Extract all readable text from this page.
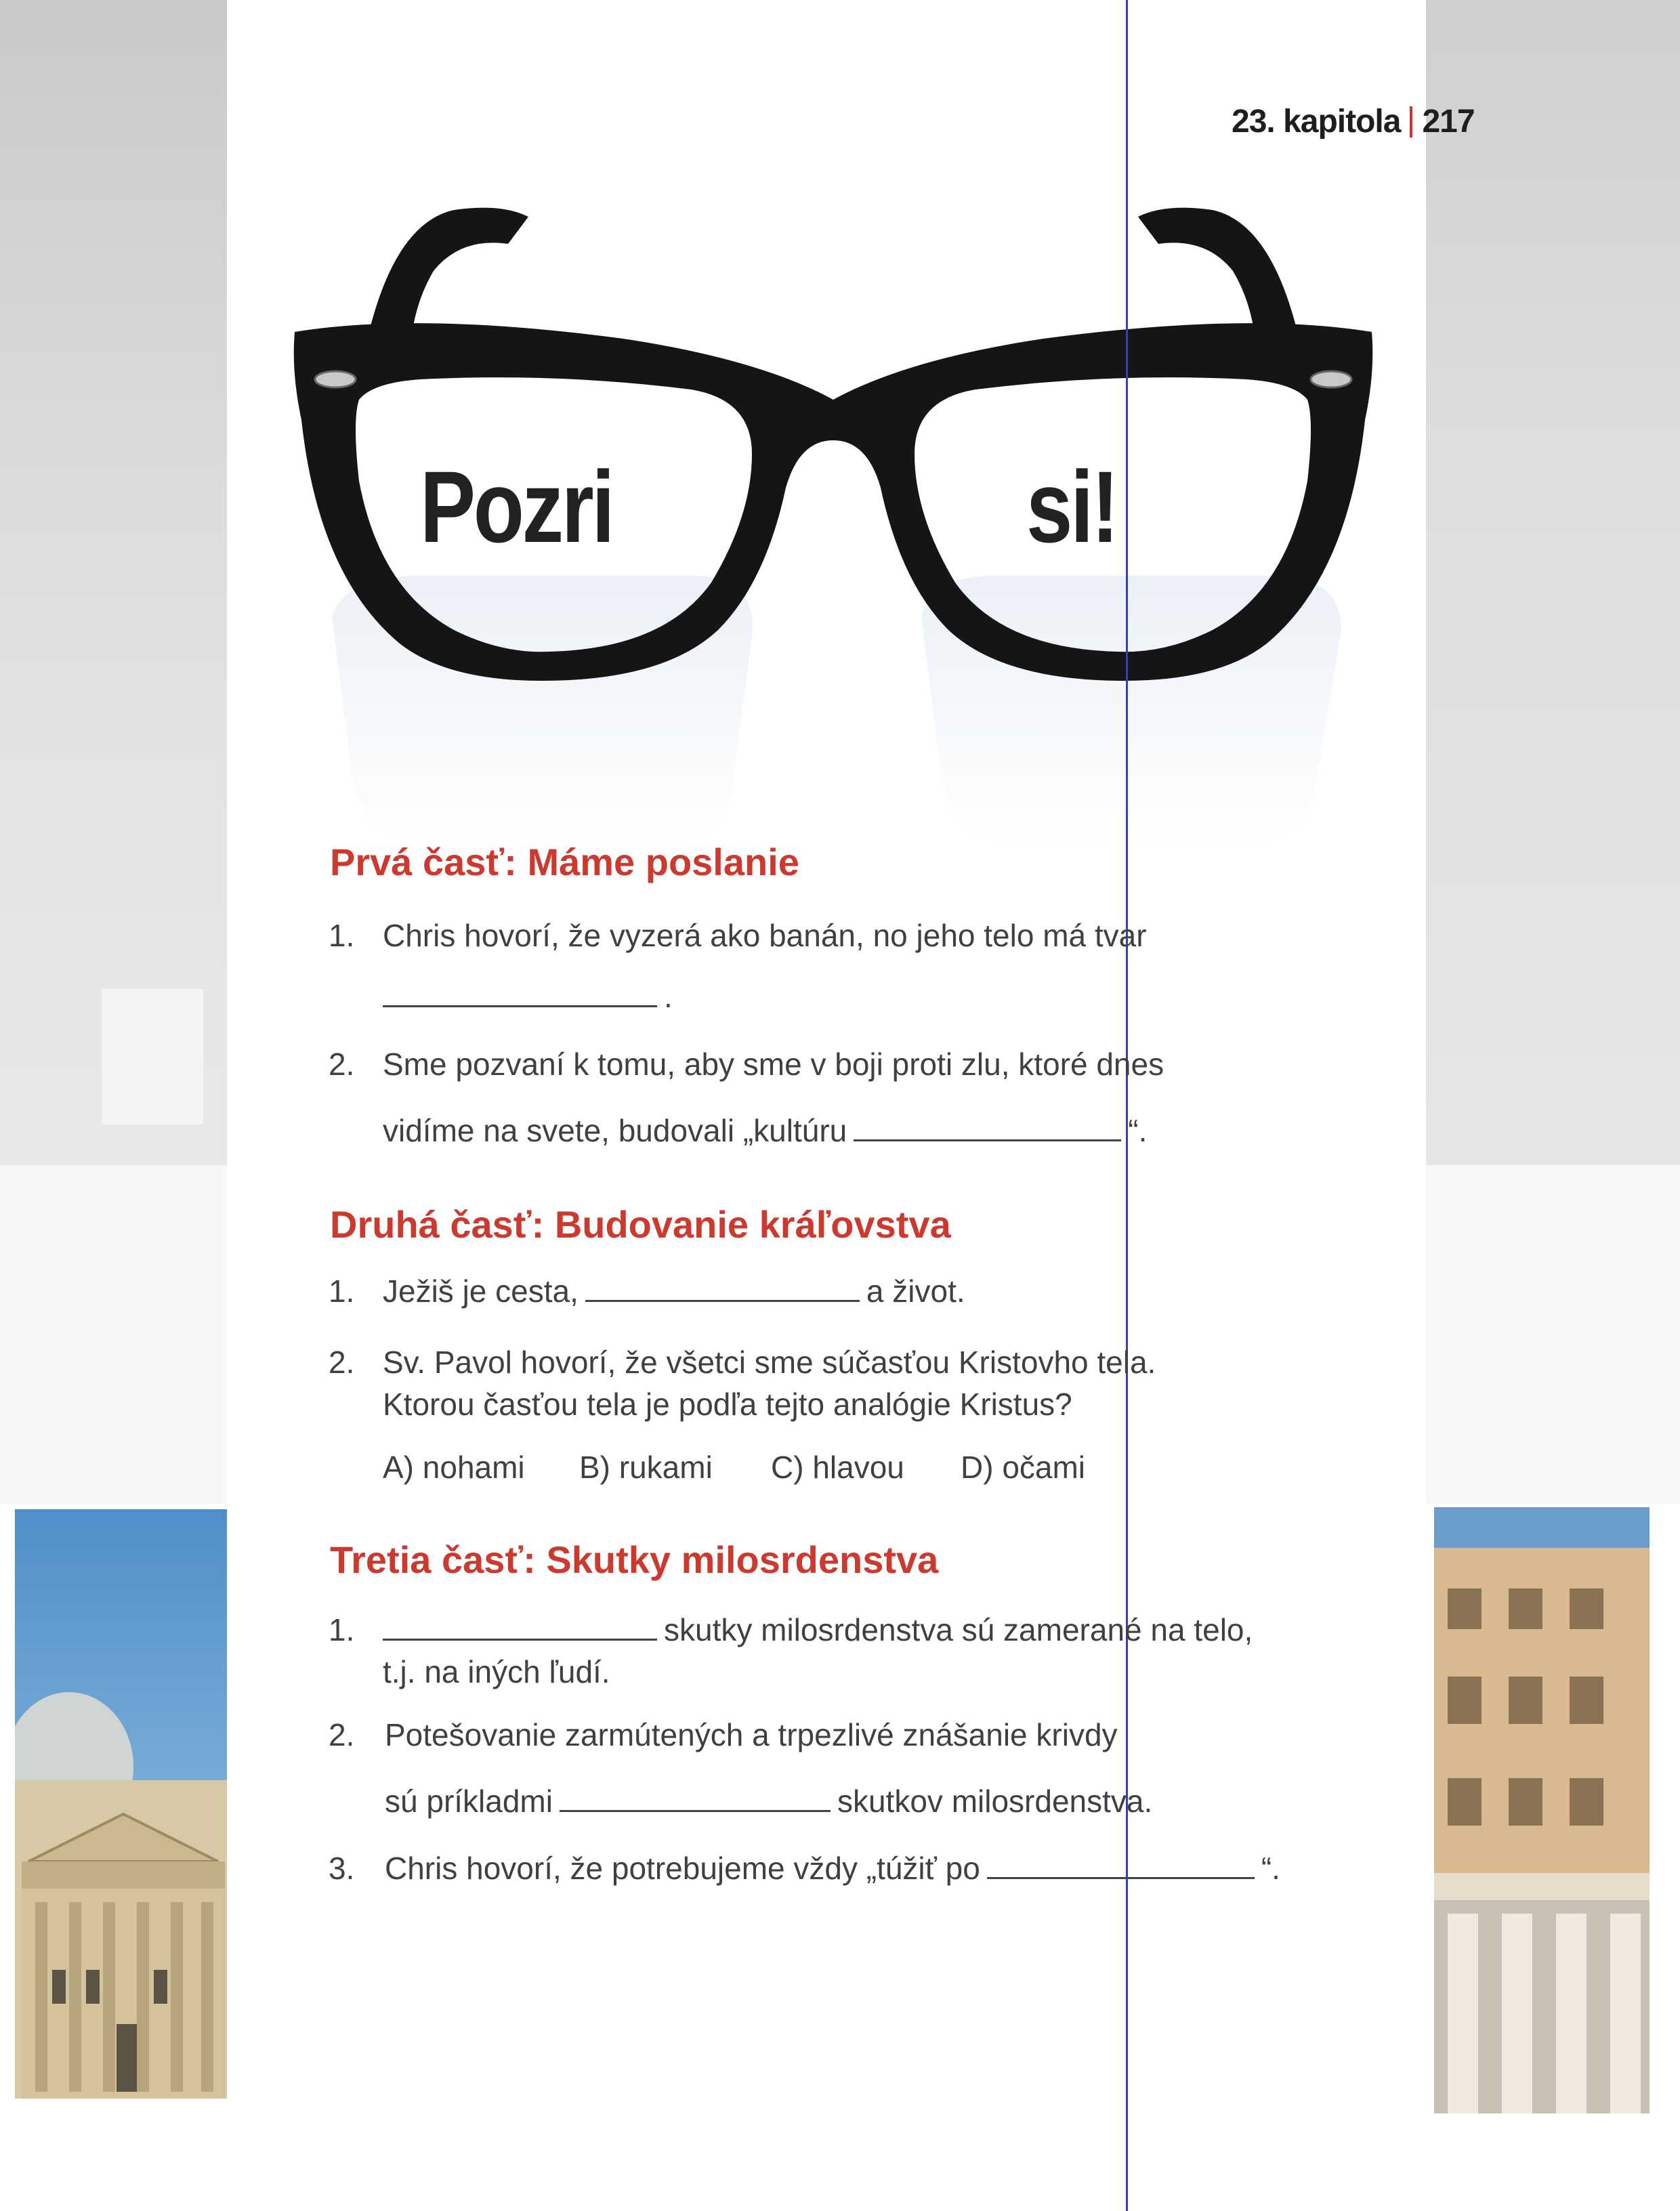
Pozri	si!
23. kapitola 217
Prvá časť: Máme poslanie
1. Chris hovorí, že vyzerá ako banán, no jeho telo má tvar
.
2. Sme pozvaní k tomu, aby sme v boji proti zlu, ktoré dnes
vidíme na svete, budovali „kultúru	“.
Druhá časť: Budovanie kráľovstva
1. Ježiš je cesta,	a život.
2. Sv. Pavol hovorí, že všetci sme súčasťou Kristovho tela.
Ktorou časťou tela je podľa tejto analógie Kristus?
A) nohami B) rukami C) hlavou D) očami
Tretia časť: Skutky milosrdenstva
1.	skutky milosrdenstva sú zamerané na telo,
t.j. na iných ľudí.
2. Potešovanie zarmútených a trpezlivé znášanie krivdy
sú príkladmi	skutkov milosrdenstva.
3. Chris hovorí, že potrebujeme vždy „túžiť po	“.
